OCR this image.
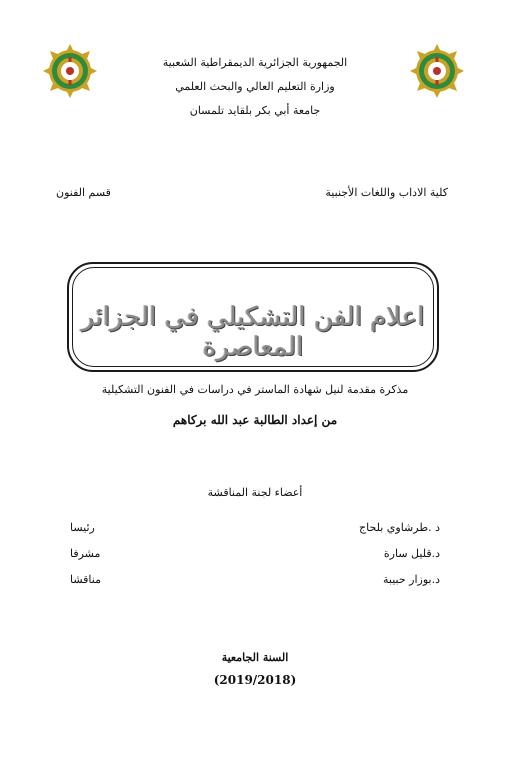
الجمهورية الجزائرية الديمقراطية الشعبية
وزارة التعليم العالي والبحث العلمي
جامعة أبي بكر بلقايد تلمسان
كلية الاداب واللغات الأجنبية
قسم الفنون
اعلام الفن التشكيلي في الجزائر المعاصرة
مذكرة مقدمة لنيل شهادة الماستر في دراسات في الفنون التشكيلية
من إعداد الطالبة عبد الله بركاهم
أعضاء لجنة المناقشة
د .طرشاوي بلحاج
رئيسا
د.قليل سارة
مشرفا
د.بوزار حبيبة
مناقشا
السنة الجامعية
(2019/2018)
